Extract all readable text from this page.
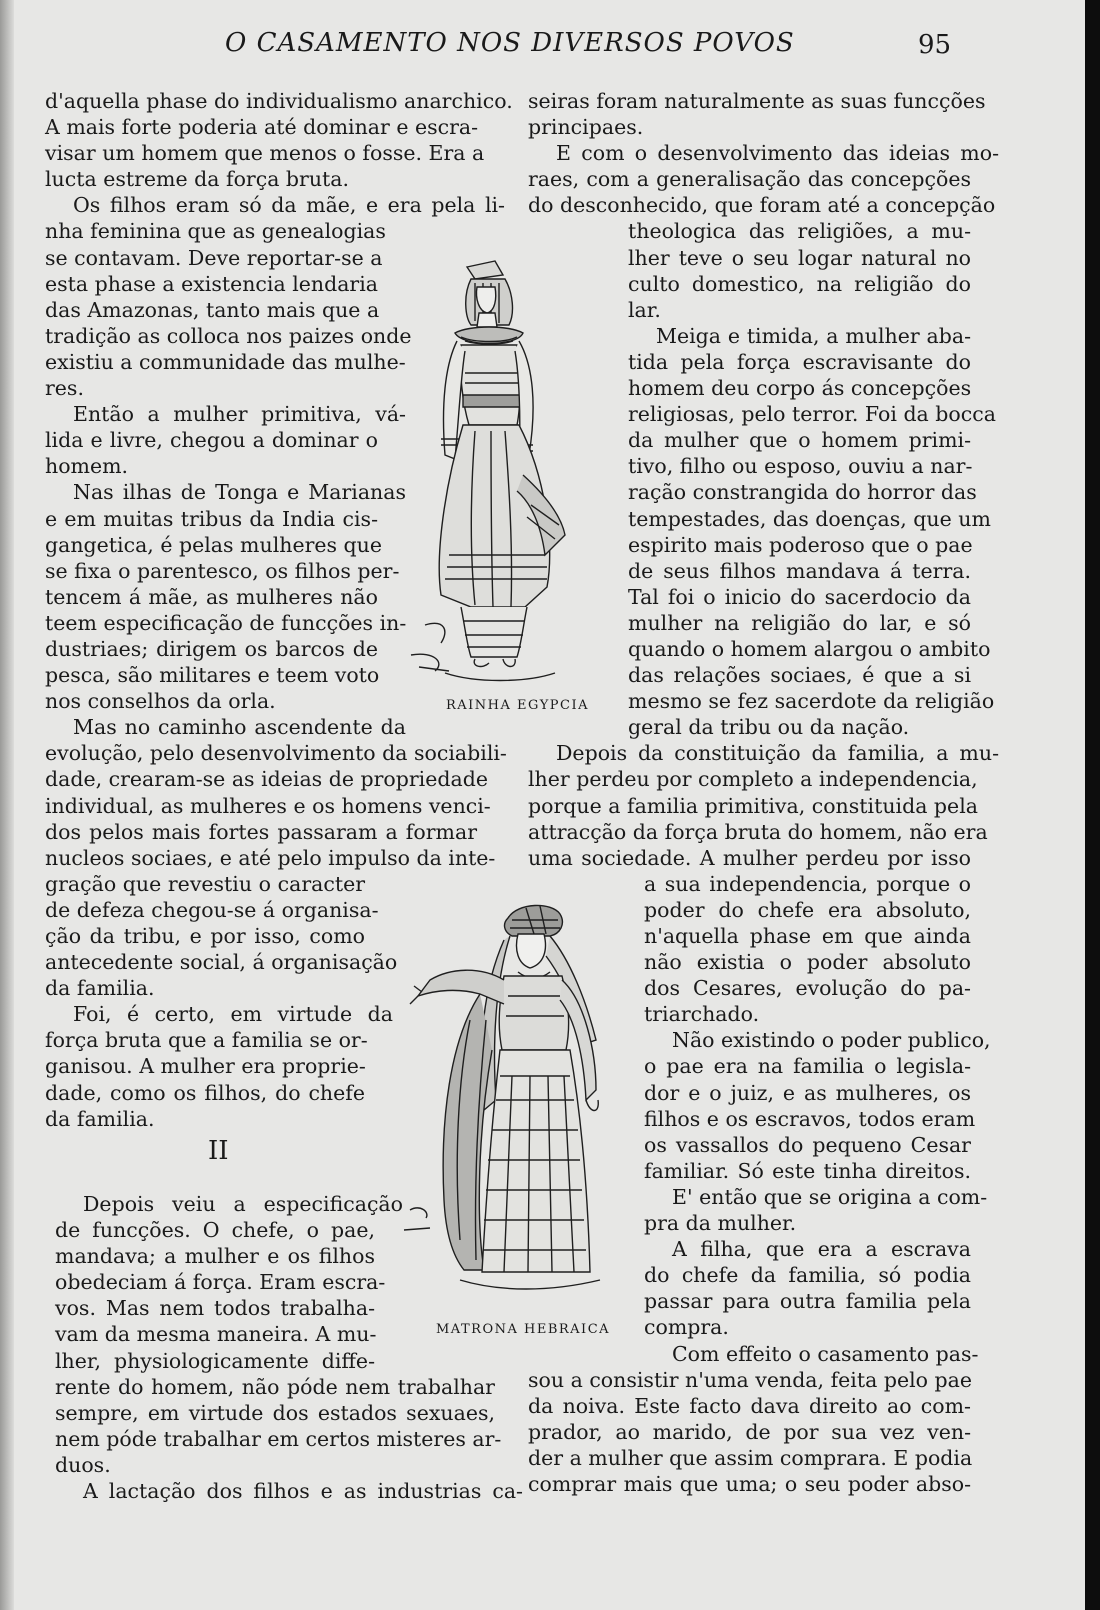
O CASAMENTO NOS DIVERSOS POVOS	95

d'aquella phase do individualismo anarchico.

A mais forte poderia até dominar e escra-

visar um homem que menos o fosse. Era a

lucta estreme da força bruta.

Os filhos eram só da mãe, e era pela li-

nha feminina que as genealogias

se contavam. Deve reportar-se a

esta phase a existencia lendaria

das Amazonas, tanto mais que a

tradição as colloca nos paizes onde

existiu a communidade das mulhe-

res.

Então a mulher primitiva, vá-

lida e livre, chegou a dominar o

homem.

Nas ilhas de Tonga e Marianas

e em muitas tribus da India cis-

gangetica, é pelas mulheres que

se fixa o parentesco, os filhos per-

tencem á mãe, as mulheres não

teem especificação de funcções in-

dustriaes; dirigem os barcos de

pesca, são militares e teem voto

nos conselhos da orla.

Mas no caminho ascendente da

evolução, pelo desenvolvimento da sociabili-

dade, crearam-se as ideias de propriedade

individual, as mulheres e os homens venci-

dos pelos mais fortes passaram a formar

nucleos sociaes, e até pelo impulso da inte-

gração que revestiu o caracter

de defeza chegou-se á organisa-

ção da tribu, e por isso, como

antecedente social, á organisação

da familia.

Foi, é certo, em virtude da

força bruta que a familia se or-

ganisou. A mulher era proprie-

dade, como os filhos, do chefe

da familia.

II

Depois veiu a especificação

de funcções. O chefe, o pae,

mandava; a mulher e os filhos

obedeciam á força. Eram escra-

vos. Mas nem todos trabalha-

vam da mesma maneira. A mu-

lher, physiologicamente diffe-

rente do homem, não póde nem trabalhar

sempre, em virtude dos estados sexuaes,

nem póde trabalhar em certos misteres ar-

duos.

A lactação dos filhos e as industrias ca-

seiras foram naturalmente as suas funcções

principaes.

E com o desenvolvimento das ideias mo-

raes, com a generalisação das concepções

do desconhecido, que foram até a concepção

theologica das religiões, a mu-

lher teve o seu logar natural no

culto domestico, na religião do

lar.

Meiga e timida, a mulher aba-

tida pela força escravisante do

homem deu corpo ás concepções

religiosas, pelo terror. Foi da bocca

da mulher que o homem primi-

tivo, filho ou esposo, ouviu a nar-

ração constrangida do horror das

tempestades, das doenças, que um

espirito mais poderoso que o pae

de seus filhos mandava á terra.

Tal foi o inicio do sacerdocio da

mulher na religião do lar, e só

quando o homem alargou o ambito

das relações sociaes, é que a si

mesmo se fez sacerdote da religião

geral da tribu ou da nação.

Depois da constituição da familia, a mu-

lher perdeu por completo a independencia,

porque a familia primitiva, constituida pela

attracção da força bruta do homem, não era

uma sociedade. A mulher perdeu por isso

a sua independencia, porque o

poder do chefe era absoluto,

n'aquella phase em que ainda

não existia o poder absoluto

dos Cesares, evolução do pa-

triarchado.

Não existindo o poder publico,

o pae era na familia o legisla-

dor e o juiz, e as mulheres, os

filhos e os escravos, todos eram

os vassallos do pequeno Cesar

familiar. Só este tinha direitos.

E' então que se origina a com-

pra da mulher.

A filha, que era a escrava

do chefe da familia, só podia

passar para outra familia pela

compra.

Com effeito o casamento pas-

sou a consistir n'uma venda, feita pelo pae

da noiva. Este facto dava direito ao com-

prador, ao marido, de por sua vez ven-

der a mulher que assim comprara. E podia

comprar mais que uma; o seu poder abso-

RAINHA EGYPCIA
MATRONA HEBRAICA
